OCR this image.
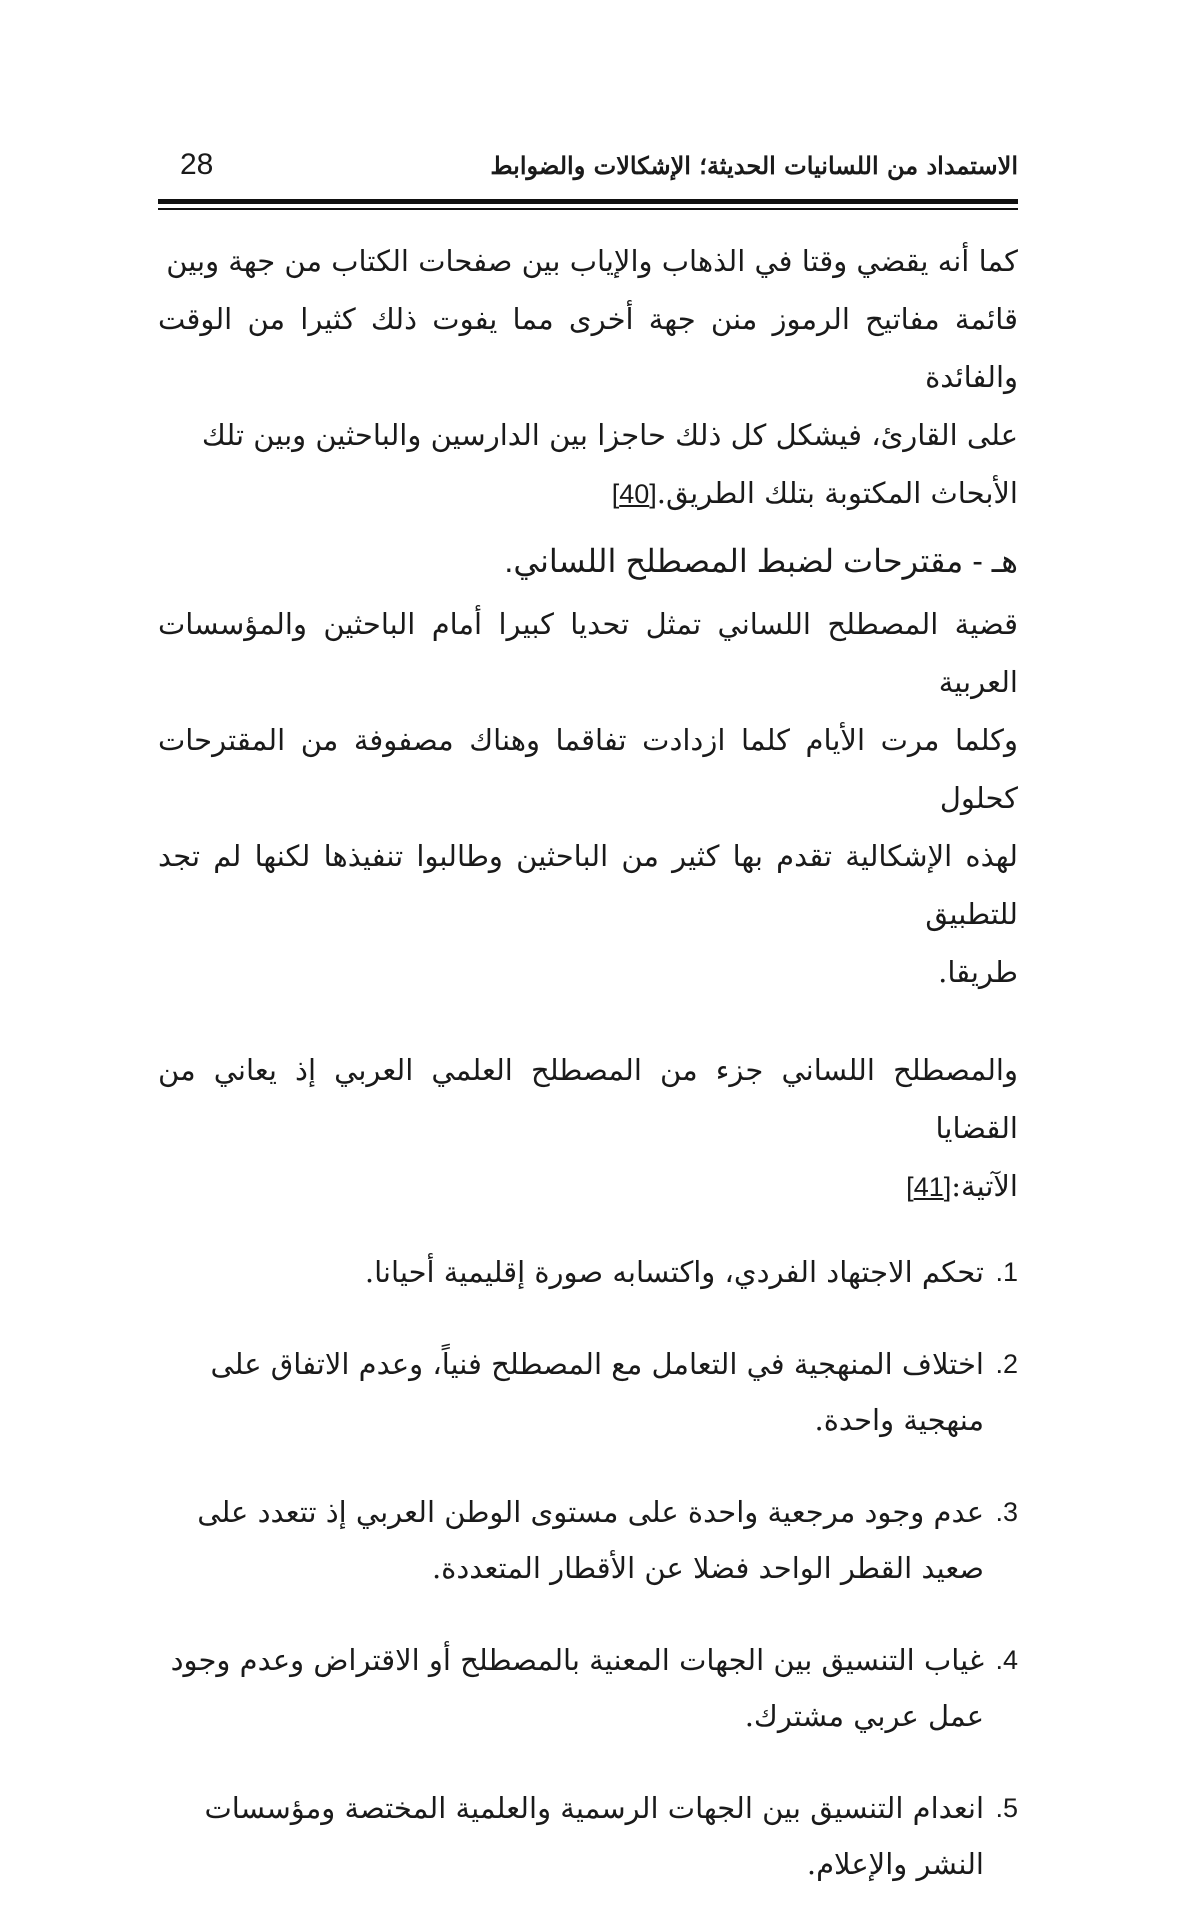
الاستمداد من اللسانيات الحديثة؛ الإشكالات والضوابط
28

كما أنه يقضي وقتا في الذهاب والإياب بين صفحات الكتاب من جهة وبين
قائمة مفاتيح الرموز منن جهة أخرى مما يفوت ذلك كثيرا من الوقت والفائدة
على القارئ، فيشكل كل ذلك حاجزا بين الدارسين والباحثين وبين تلك
الأبحاث المكتوبة بتلك الطريق.[40]

هـ - مقترحات لضبط المصطلح اللساني.

قضية المصطلح اللساني تمثل تحديا كبيرا أمام الباحثين والمؤسسات العربية
وكلما مرت الأيام كلما ازدادت تفاقما وهناك مصفوفة من المقترحات كحلول
لهذه الإشكالية تقدم بها كثير من الباحثين وطالبوا تنفيذها لكنها لم تجد للتطبيق
طريقا.

والمصطلح اللساني جزء من المصطلح العلمي العربي إذ يعاني من القضايا
الآتية:[41]

1.
تحكم الاجتهاد الفردي، واكتسابه صورة إقليمية أحيانا.
2.
اختلاف المنهجية في التعامل مع المصطلح فنياً، وعدم الاتفاق على منهجية واحدة.
3.
عدم وجود مرجعية واحدة على مستوى الوطن العربي إذ تتعدد على صعيد القطر الواحد فضلا عن الأقطار المتعددة.
4.
غياب التنسيق بين الجهات المعنية بالمصطلح أو الاقتراض وعدم وجود عمل عربي مشترك.
5.
انعدام التنسيق بين الجهات الرسمية والعلمية المختصة ومؤسسات النشر والإعلام.
